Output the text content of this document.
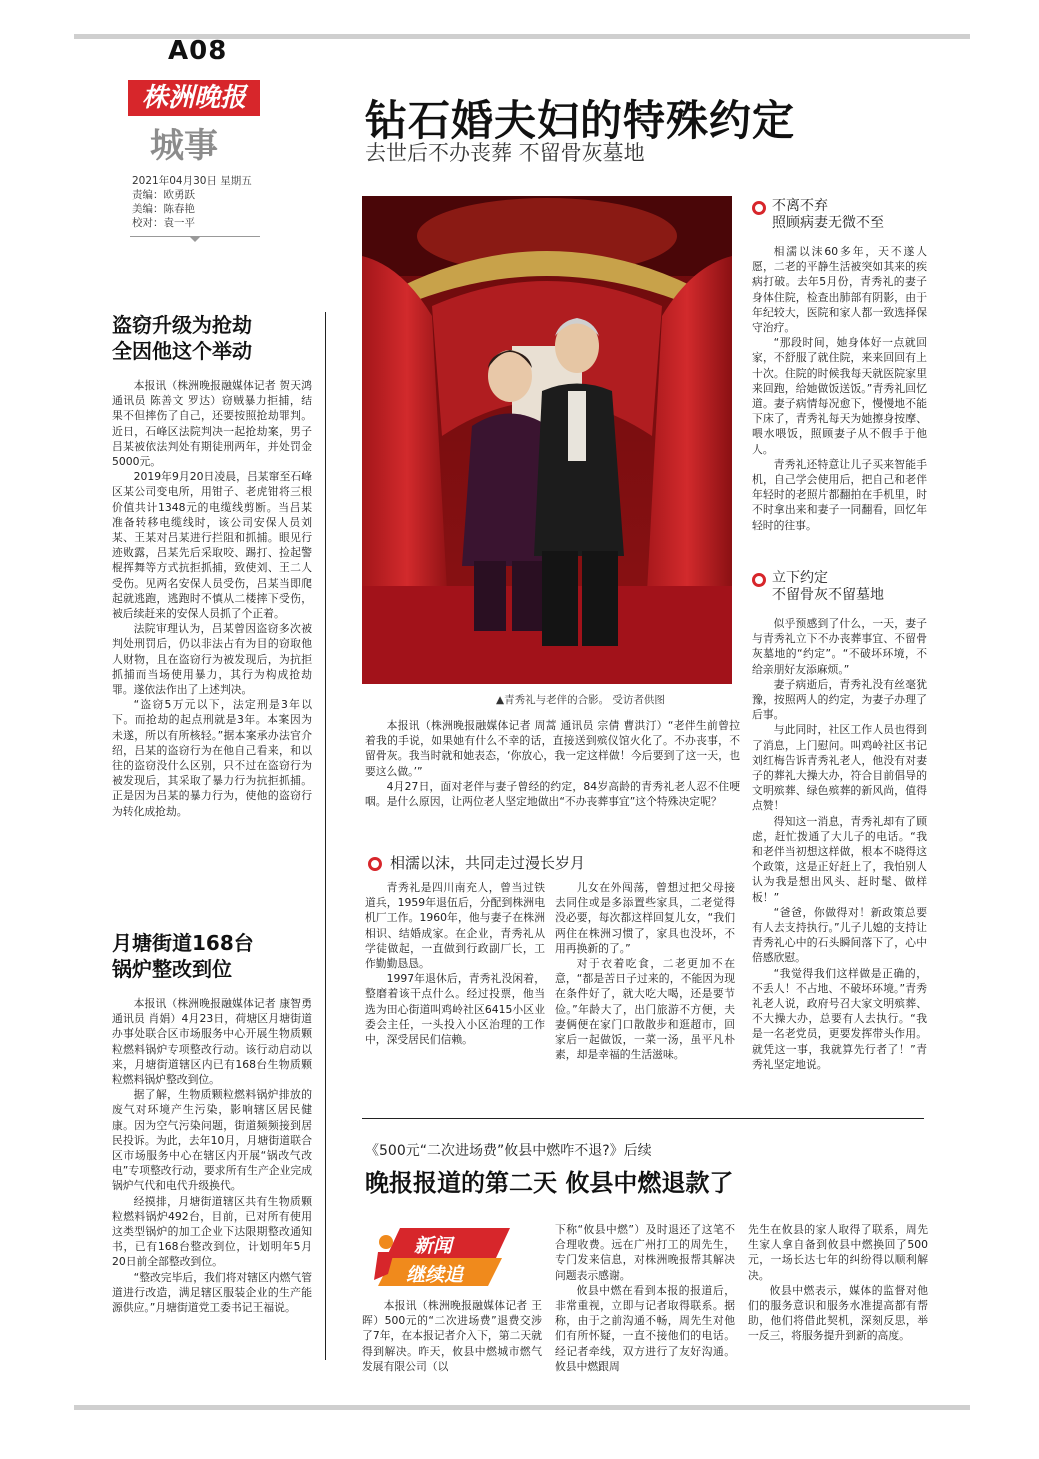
A08
株洲晚报
城事
2021年04月30日 星期五
责编：欧勇跃
美编：陈春艳
校对：袁一平
钻石婚夫妇的特殊约定
去世后不办丧葬 不留骨灰墓地
▲青秀礼与老伴的合影。 受访者供图

本报讯（株洲晚报融媒体记者 周蒿 通讯员 宗倩 曹洪汀）“老伴生前曾拉着我的手说，如果她有什么不幸的话，直接送到殡仪馆火化了。不办丧事，不留骨灰。我当时就和她表态，‘你放心，我一定这样做！今后要到了这一天，也要这么做。’”

4月27日，面对老伴与妻子曾经的约定，84岁高龄的青秀礼老人忍不住哽咽。是什么原因，让两位老人坚定地做出“不办丧葬事宜”这个特殊决定呢？

相濡以沫，共同走过漫长岁月

青秀礼是四川南充人，曾当过铁道兵，1959年退伍后，分配到株洲电机厂工作。1960年，他与妻子在株洲相识、结婚成家。在企业，青秀礼从学徒做起，一直做到行政副厂长，工作勤勤恳恳。

1997年退休后，青秀礼没闲着，整磨着该干点什么。经过投票，他当选为田心街道叫鸡岭社区6415小区业委会主任，一头投入小区治理的工作中，深受居民们信赖。

儿女在外闯荡，曾想过把父母接去同住或是多添置些家具，二老觉得没必要，每次都这样回复儿女，“我们两住在株洲习惯了，家具也没坏，不用再换新的了。”

对于衣着吃食，二老更加不在意，“都是苦日子过来的，不能因为现在条件好了，就大吃大喝，还是要节俭。”年龄大了，出门旅游不方便，夫妻俩便在家门口散散步和逛超市，回家后一起做饭，一菜一汤，虽平凡朴素，却是幸福的生活滋味。

不离不弃
照顾病妻无微不至

相濡以沫60多年，天不遂人愿，二老的平静生活被突如其来的疾病打破。去年5月份，青秀礼的妻子身体住院，检查出肺部有阴影，由于年纪较大，医院和家人都一致选择保守治疗。

“那段时间，她身体好一点就回家，不舒服了就住院，来来回回有上十次。住院的时候我每天就医院家里来回跑，给她做饭送饭。”青秀礼回忆道。妻子病情每况愈下，慢慢地不能下床了，青秀礼每天为她擦身按摩、喂水喂饭，照顾妻子从不假手于他人。

青秀礼还特意让儿子买来智能手机，自己学会使用后，把自己和老伴年轻时的老照片都翻拍在手机里，时不时拿出来和妻子一同翻看，回忆年轻时的往事。

立下约定
不留骨灰不留墓地

似乎预感到了什么，一天，妻子与青秀礼立下不办丧葬事宜、不留骨灰墓地的“约定”。“不破坏环境，不给亲朋好友添麻烦。”

妻子病逝后，青秀礼没有丝毫犹豫，按照两人的约定，为妻子办理了后事。

与此同时，社区工作人员也得到了消息，上门慰问。叫鸡岭社区书记刘红梅告诉青秀礼老人，他没有对妻子的葬礼大操大办，符合目前倡导的文明殡葬、绿色殡葬的新风尚，值得点赞！

得知这一消息，青秀礼却有了顾虑，赶忙拨通了大儿子的电话。“我和老伴当初想这样做，根本不晓得这个政策，这是正好赶上了，我怕别人认为我是想出风头、赶时髦、做样板！”

“爸爸，你做得对！新政策总要有人去支持执行。”儿子儿媳的支持让青秀礼心中的石头瞬间落下了，心中倍感欣慰。

“我觉得我们这样做是正确的，不丢人！不占地、不破坏环境。”青秀礼老人说，政府号召大家文明殡葬、不大操大办，总要有人去执行。“我是一名老党员，更要发挥带头作用。就凭这一事，我就算先行者了！”青秀礼坚定地说。

盗窃升级为抢劫
全因他这个举动

本报讯（株洲晚报融媒体记者 贺天鸿 通讯员 陈善文 罗达）窃贼暴力拒捕，结果不但摔伤了自己，还要按照抢劫罪判。近日，石峰区法院判决一起抢劫案，男子吕某被依法判处有期徒刑两年，并处罚金5000元。

2019年9月20日凌晨，吕某窜至石峰区某公司变电所，用钳子、老虎钳将三根价值共计1348元的电缆线剪断。当吕某准备转移电缆线时，该公司安保人员刘某、王某对吕某进行拦阻和抓捕。眼见行迹败露，吕某先后采取咬、踢打、捡起警棍挥舞等方式抗拒抓捕，致使刘、王二人受伤。见两名安保人员受伤，吕某当即爬起就逃跑，逃跑时不慎从二楼摔下受伤，被后续赶来的安保人员抓了个正着。

法院审理认为，吕某曾因盗窃多次被判处刑罚后，仍以非法占有为目的窃取他人财物，且在盗窃行为被发现后，为抗拒抓捕而当场使用暴力，其行为构成抢劫罪。遂依法作出了上述判决。

“盗窃5万元以下，法定刑是3年以下。而抢劫的起点刑就是3年。本案因为未遂，所以有所核轻。”据本案承办法官介绍，吕某的盗窃行为在他自己看来，和以往的盗窃没什么区别，只不过在盗窃行为被发现后，其采取了暴力行为抗拒抓捕。正是因为吕某的暴力行为，使他的盗窃行为转化成抢劫。

月塘街道168台
锅炉整改到位

本报讯（株洲晚报融媒体记者 康智勇 通讯员 肖娟）4月23日，荷塘区月塘街道办事处联合区市场服务中心开展生物质颗粒燃料锅炉专项整改行动。该行动启动以来，月塘街道辖区内已有168台生物质颗粒燃料锅炉整改到位。

据了解，生物质颗粒燃料锅炉排放的废气对环境产生污染，影响辖区居民健康。因为空气污染问题，街道频频接到居民投诉。为此，去年10月，月塘街道联合区市场服务中心在辖区内开展“锅改气改电”专项整改行动，要求所有生产企业完成锅炉气代和电代升级换代。

经摸排，月塘街道辖区共有生物质颗粒燃料锅炉492台，目前，已对所有使用这类型锅炉的加工企业下达限期整改通知书，已有168台整改到位，计划明年5月20日前全部整改到位。

“整改完毕后，我们将对辖区内燃气管道进行改造，满足辖区服装企业的生产能源供应。”月塘街道党工委书记王福说。

《500元“二次进场费”攸县中燃咋不退?》后续
晚报报道的第二天 攸县中燃退款了
新闻
继续追

本报讯（株洲晚报融媒体记者 王晖）500元的“二次进场费”退费交涉了7年，在本报记者介入下，第二天就得到解决。昨天，攸县中燃城市燃气发展有限公司（以

下称“攸县中燃”）及时退还了这笔不合理收费。远在广州打工的周先生，专门发来信息，对株洲晚报帮其解决问题表示感谢。

攸县中燃在看到本报的报道后，非常重视，立即与记者取得联系。据称，由于之前沟通不畅，周先生对他们有所怀疑，一直不接他们的电话。经记者牵线，双方进行了友好沟通。攸县中燃跟周

先生在攸县的家人取得了联系，周先生家人拿自备到攸县中燃换回了500元，一场长达七年的纠纷得以顺利解决。

攸县中燃表示，媒体的监督对他们的服务意识和服务水准提高都有帮助，他们将借此契机，深刻反思，举一反三，将服务提升到新的高度。
